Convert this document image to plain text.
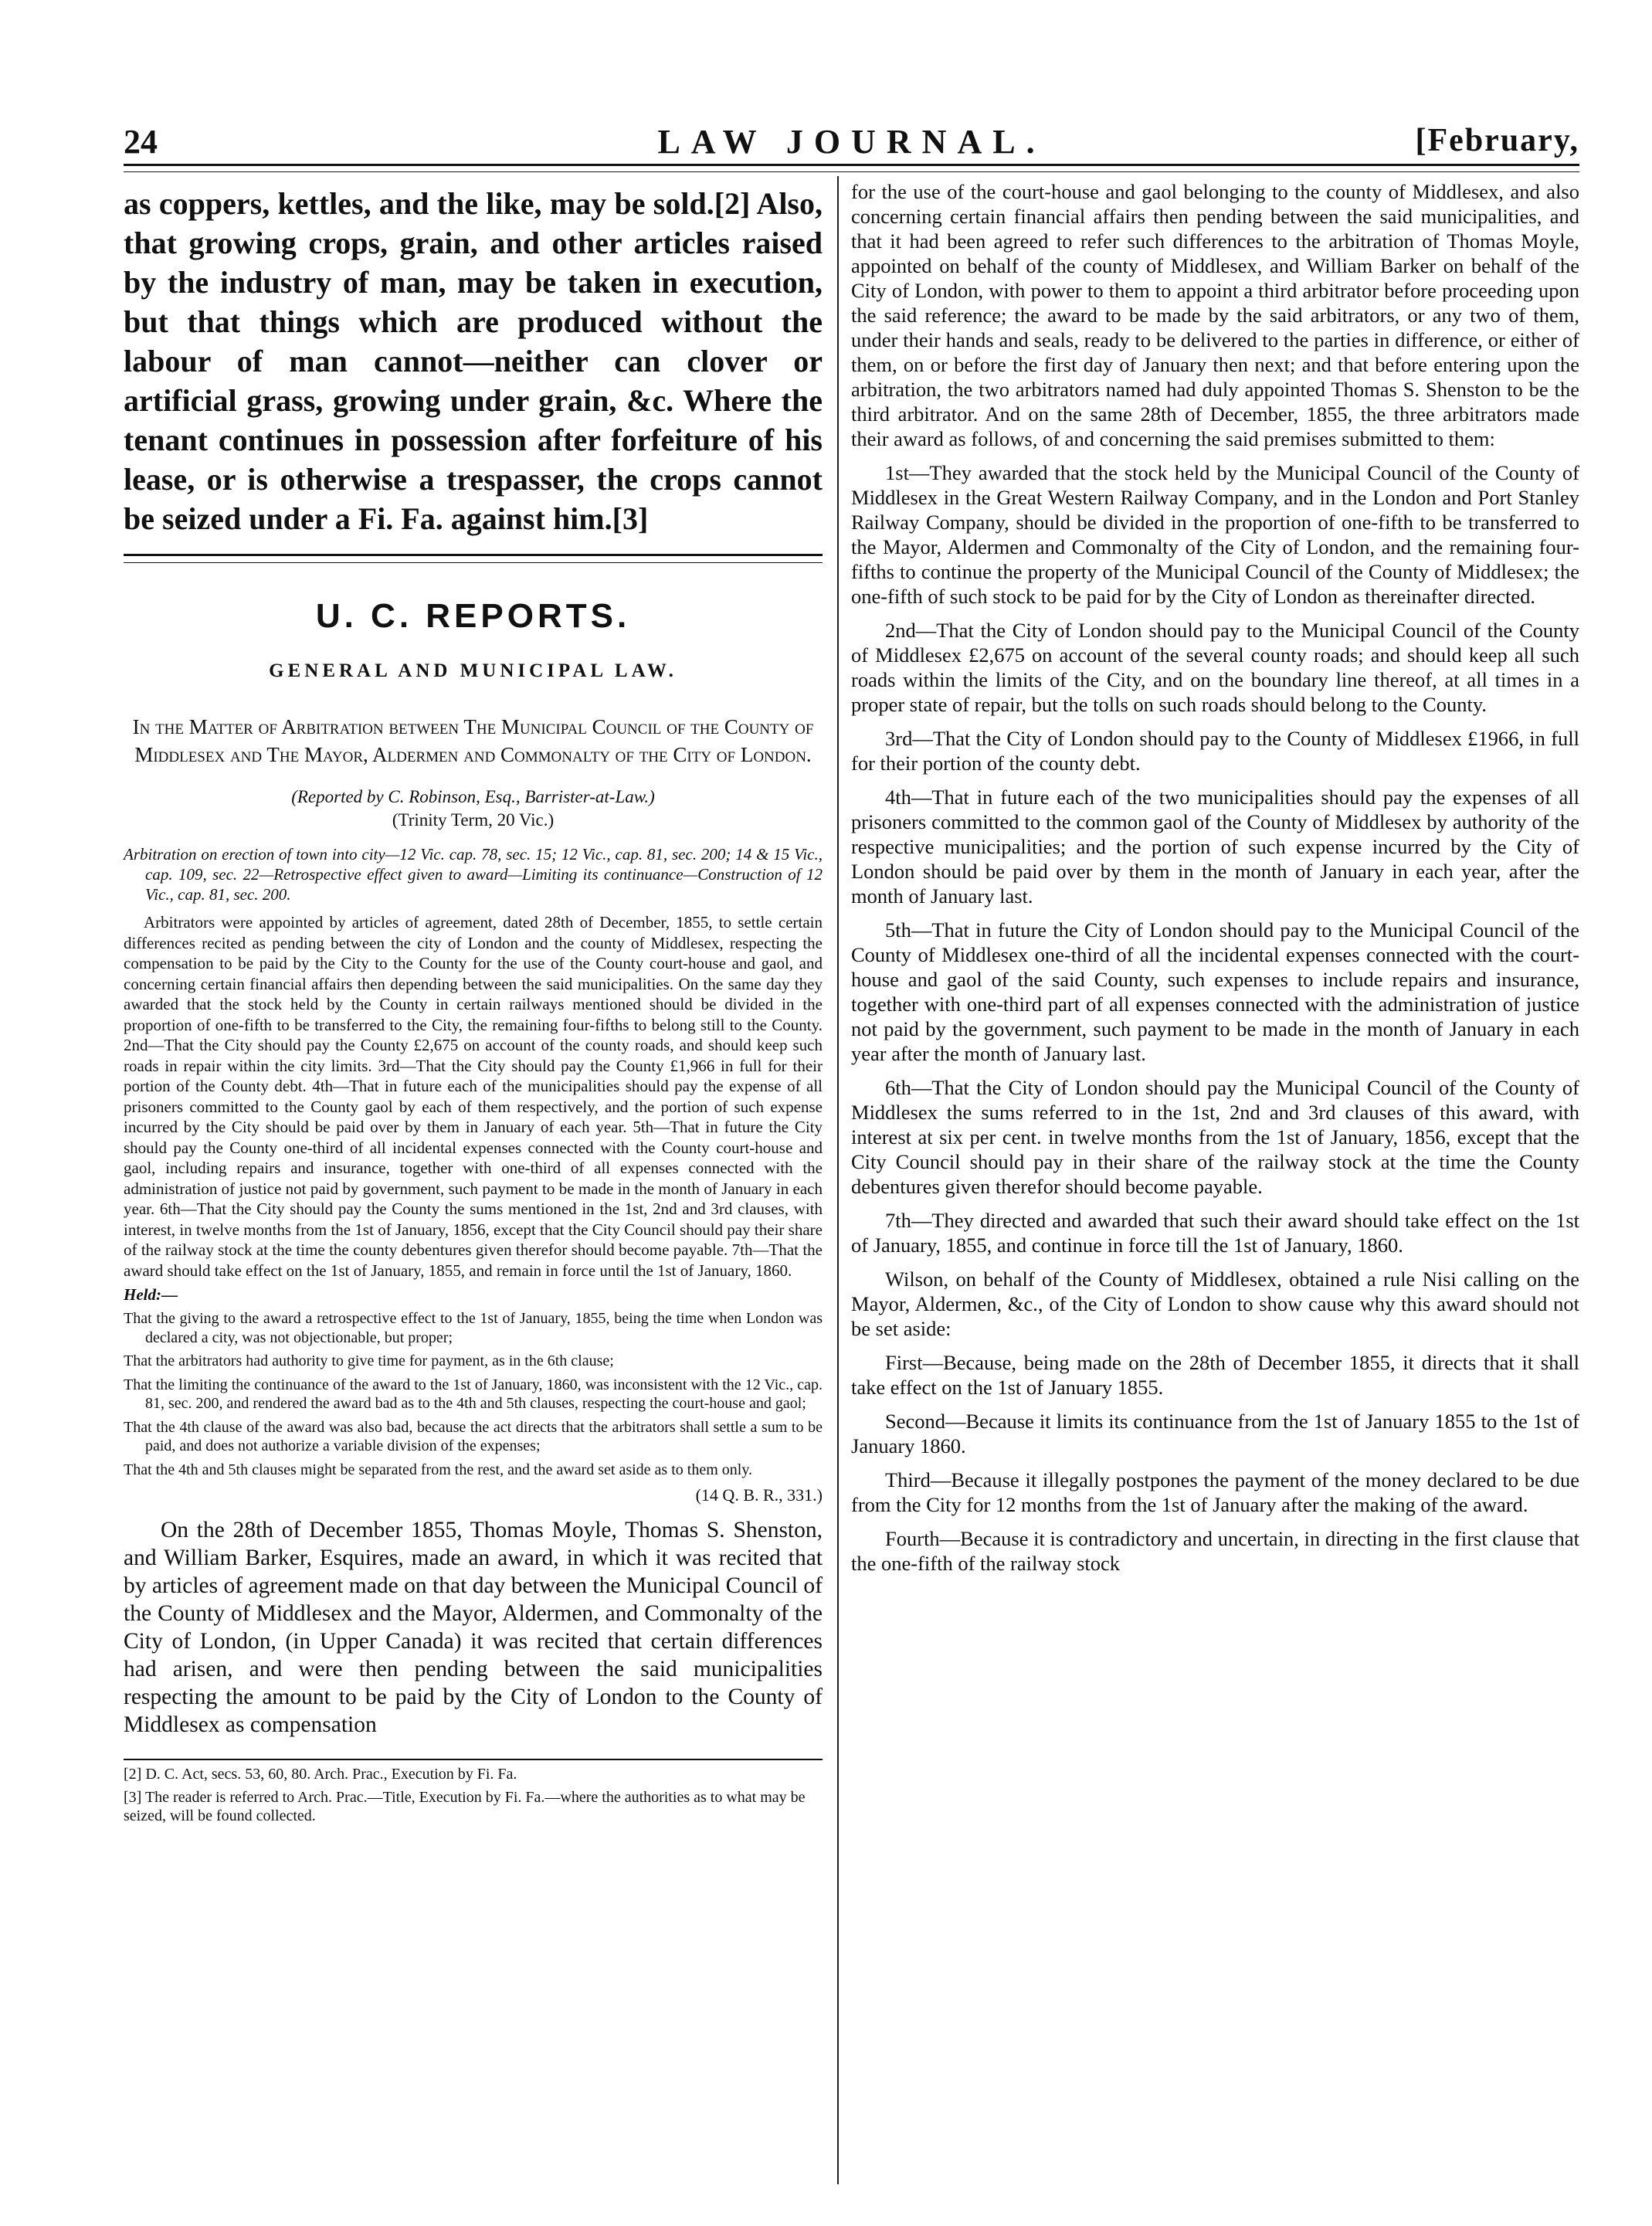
24	LAW JOURNAL.	[February,

as coppers, kettles, and the like, may be sold.[2] Also, that growing crops, grain, and other articles raised by the industry of man, may be taken in execution, but that things which are produced without the labour of man cannot—neither can clover or artificial grass, growing under grain, &c. Where the tenant continues in possession after forfeiture of his lease, or is otherwise a trespasser, the crops cannot be seized under a Fi. Fa. against him.[3]

U. C. REPORTS.
GENERAL AND MUNICIPAL LAW.
In the Matter of Arbitration between The Municipal Council of the County of Middlesex and The Mayor, Aldermen and Commonalty of the City of London.
(Reported by C. Robinson, Esq., Barrister-at-Law.)
(Trinity Term, 20 Vic.)
Arbitration on erection of town into city—12 Vic. cap. 78, sec. 15; 12 Vic., cap. 81, sec. 200; 14 & 15 Vic., cap. 109, sec. 22—Retrospective effect given to award—Limiting its continuance—Construction of 12 Vic., cap. 81, sec. 200.
Arbitrators were appointed by articles of agreement, dated 28th of December, 1855, to settle certain differences recited as pending between the city of London and the county of Middlesex, respecting the compensation to be paid by the City to the County for the use of the County court-house and gaol, and concerning certain financial affairs then depending between the said municipalities. On the same day they awarded that the stock held by the County in certain railways mentioned should be divided in the proportion of one-fifth to be transferred to the City, the remaining four-fifths to belong still to the County. 2nd—That the City should pay the County £2,675 on account of the county roads, and should keep such roads in repair within the city limits. 3rd—That the City should pay the County £1,966 in full for their portion of the County debt. 4th—That in future each of the municipalities should pay the expense of all prisoners committed to the County gaol by each of them respectively, and the portion of such expense incurred by the City should be paid over by them in January of each year. 5th—That in future the City should pay the County one-third of all incidental expenses connected with the County court-house and gaol, including repairs and insurance, together with one-third of all expenses connected with the administration of justice not paid by government, such payment to be made in the month of January in each year. 6th—That the City should pay the County the sums mentioned in the 1st, 2nd and 3rd clauses, with interest, in twelve months from the 1st of January, 1856, except that the City Council should pay their share of the railway stock at the time the county debentures given therefor should become payable. 7th—That the award should take effect on the 1st of January, 1855, and remain in force until the 1st of January, 1860.
Held:—
That the giving to the award a retrospective effect to the 1st of January, 1855, being the time when London was declared a city, was not objectionable, but proper;
That the arbitrators had authority to give time for payment, as in the 6th clause;
That the limiting the continuance of the award to the 1st of January, 1860, was inconsistent with the 12 Vic., cap. 81, sec. 200, and rendered the award bad as to the 4th and 5th clauses, respecting the court-house and gaol;
That the 4th clause of the award was also bad, because the act directs that the arbitrators shall settle a sum to be paid, and does not authorize a variable division of the expenses;
That the 4th and 5th clauses might be separated from the rest, and the award set aside as to them only.
(14 Q. B. R., 331.)

On the 28th of December 1855, Thomas Moyle, Thomas S. Shenston, and William Barker, Esquires, made an award, in which it was recited that by articles of agreement made on that day between the Municipal Council of the County of Middlesex and the Mayor, Aldermen, and Commonalty of the City of London, (in Upper Canada) it was recited that certain differences had arisen, and were then pending between the said municipalities respecting the amount to be paid by the City of London to the County of Middlesex as compensation

[2] D. C. Act, secs. 53, 60, 80. Arch. Prac., Execution by Fi. Fa.
[3] The reader is referred to Arch. Prac.—Title, Execution by Fi. Fa.—where the authorities as to what may be seized, will be found collected.

for the use of the court-house and gaol belonging to the county of Middlesex, and also concerning certain financial affairs then pending between the said municipalities, and that it had been agreed to refer such differences to the arbitration of Thomas Moyle, appointed on behalf of the county of Middlesex, and William Barker on behalf of the City of London, with power to them to appoint a third arbitrator before proceeding upon the said reference; the award to be made by the said arbitrators, or any two of them, under their hands and seals, ready to be delivered to the parties in difference, or either of them, on or before the first day of January then next; and that before entering upon the arbitration, the two arbitrators named had duly appointed Thomas S. Shenston to be the third arbitrator. And on the same 28th of December, 1855, the three arbitrators made their award as follows, of and concerning the said premises submitted to them:

1st—They awarded that the stock held by the Municipal Council of the County of Middlesex in the Great Western Railway Company, and in the London and Port Stanley Railway Company, should be divided in the proportion of one-fifth to be transferred to the Mayor, Aldermen and Commonalty of the City of London, and the remaining four-fifths to continue the property of the Municipal Council of the County of Middlesex; the one-fifth of such stock to be paid for by the City of London as thereinafter directed.

2nd—That the City of London should pay to the Municipal Council of the County of Middlesex £2,675 on account of the several county roads; and should keep all such roads within the limits of the City, and on the boundary line thereof, at all times in a proper state of repair, but the tolls on such roads should belong to the County.

3rd—That the City of London should pay to the County of Middlesex £1966, in full for their portion of the county debt.

4th—That in future each of the two municipalities should pay the expenses of all prisoners committed to the common gaol of the County of Middlesex by authority of the respective municipalities; and the portion of such expense incurred by the City of London should be paid over by them in the month of January in each year, after the month of January last.

5th—That in future the City of London should pay to the Municipal Council of the County of Middlesex one-third of all the incidental expenses connected with the court-house and gaol of the said County, such expenses to include repairs and insurance, together with one-third part of all expenses connected with the administration of justice not paid by the government, such payment to be made in the month of January in each year after the month of January last.

6th—That the City of London should pay the Municipal Council of the County of Middlesex the sums referred to in the 1st, 2nd and 3rd clauses of this award, with interest at six per cent. in twelve months from the 1st of January, 1856, except that the City Council should pay in their share of the railway stock at the time the County debentures given therefor should become payable.

7th—They directed and awarded that such their award should take effect on the 1st of January, 1855, and continue in force till the 1st of January, 1860.

Wilson, on behalf of the County of Middlesex, obtained a rule Nisi calling on the Mayor, Aldermen, &c., of the City of London to show cause why this award should not be set aside:

First—Because, being made on the 28th of December 1855, it directs that it shall take effect on the 1st of January 1855.

Second—Because it limits its continuance from the 1st of January 1855 to the 1st of January 1860.

Third—Because it illegally postpones the payment of the money declared to be due from the City for 12 months from the 1st of January after the making of the award.

Fourth—Because it is contradictory and uncertain, in directing in the first clause that the one-fifth of the railway stock
